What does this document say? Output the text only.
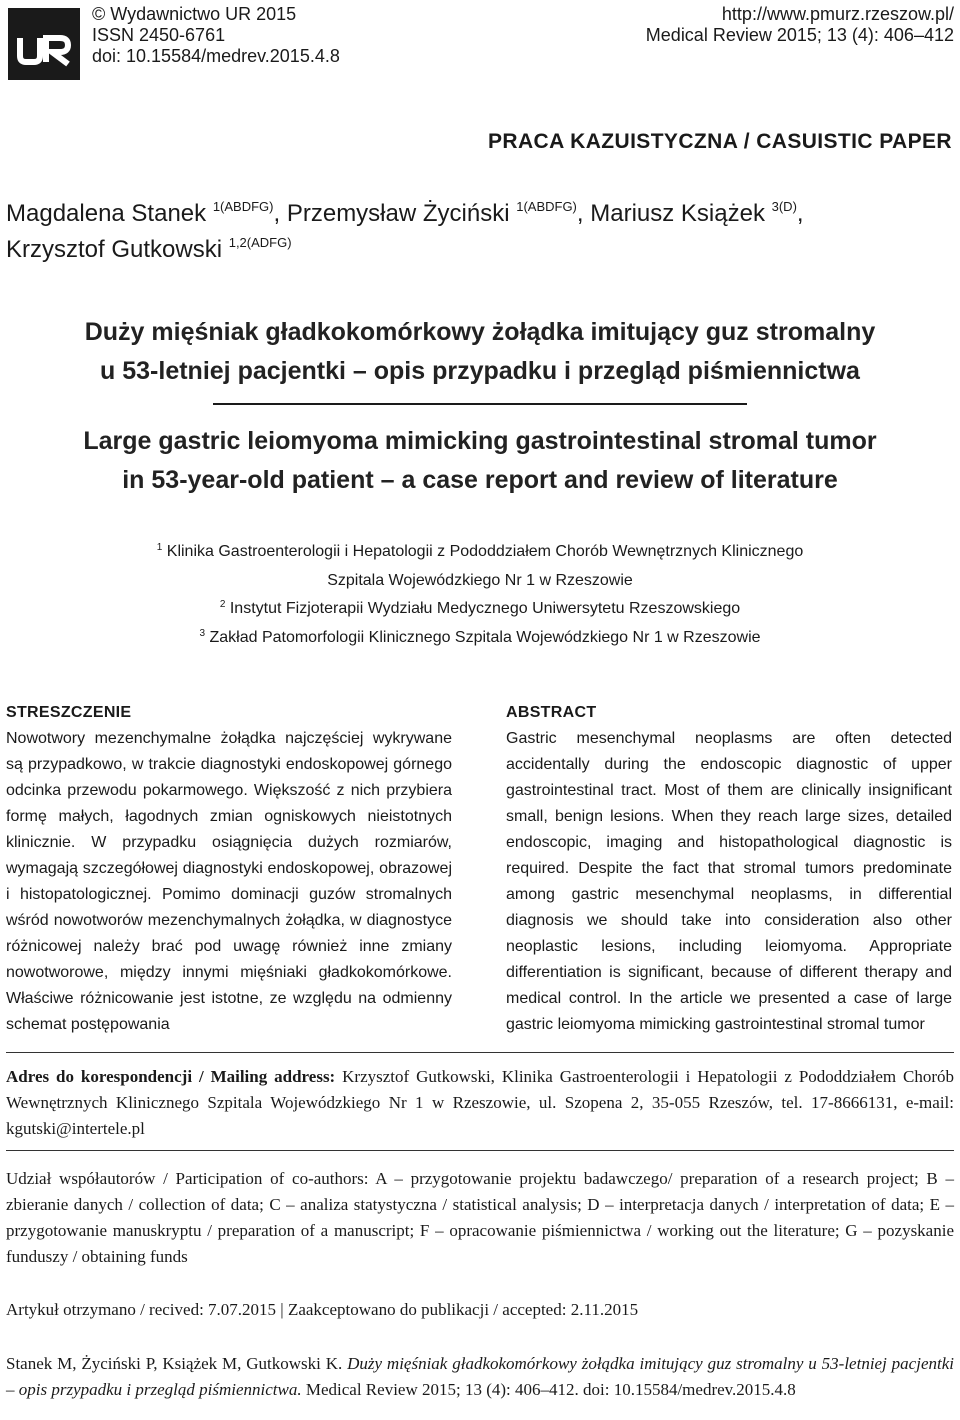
© Wydawnictwo UR 2015
ISSN 2450-6761
doi: 10.15584/medrev.2015.4.8
http://www.pmurz.rzeszow.pl/
Medical Review 2015; 13 (4): 406–412
PRACA KAZUISTYCZNA / CASUISTIC PAPER
Magdalena Stanek $^{1(ABDFG)}$, Przemysław Życiński $^{1(ABDFG)}$, Mariusz Książek $^{3(D)}$,
Krzysztof Gutkowski $^{1,2(ADFG)}$
Duży mięśniak gładkokomórkowy żołądka imitujący guz stromalny
u 53-letniej pacjentki – opis przypadku i przegląd piśmiennictwa
Large gastric leiomyoma mimicking gastrointestinal stromal tumor
in 53-year-old patient – a case report and review of literature
$^1$ Klinika Gastroenterologii i Hepatologii z Pododdziałem Chorób Wewnętrznych Klinicznego
Szpitala Wojewódzkiego Nr 1 w Rzeszowie
$^2$ Instytut Fizjoterapii Wydziału Medycznego Uniwersytetu Rzeszowskiego
$^3$ Zakład Patomorfologii Klinicznego Szpitala Wojewódzkiego Nr 1 w Rzeszowie
STRESZCZENIE
Nowotwory mezenchymalne żołądka najczęściej wykrywane są przypadkowo, w trakcie diagnostyki endoskopowej górnego odcinka przewodu pokarmowego. Większość z nich przybiera formę małych, łagodnych zmian ogniskowych nieistotnych klinicznie. W przypadku osiągnięcia dużych rozmiarów, wymagają szczegółowej diagnostyki endoskopowej, obrazowej i histopatologicznej. Pomimo dominacji guzów stromalnych wśród nowotworów mezenchymalnych żołądka, w diagnostyce różnicowej należy brać pod uwagę również inne zmiany nowotworowe, między innymi mięśniaki gładkokomórkowe. Właściwe różnicowanie jest istotne, ze względu na odmienny schemat postępowania
ABSTRACT
Gastric mesenchymal neoplasms are often detected accidentally during the endoscopic diagnostic of upper gastrointestinal tract. Most of them are clinically insignificant small, benign lesions. When they reach large sizes, detailed endoscopic, imaging and histopathological diagnostic is required. Despite the fact that stromal tumors predominate among gastric mesenchymal neoplasms, in differential diagnosis we should take into consideration also other neoplastic lesions, including leiomyoma. Appropriate differentiation is significant, because of different therapy and medical control. In the article we presented a case of large gastric leiomyoma mimicking gastrointestinal stromal tumor
Adres do korespondencji / Mailing address: Krzysztof Gutkowski, Klinika Gastroenterologii i Hepatologii z Pododdziałem Chorób Wewnętrznych Klinicznego Szpitala Wojewódzkiego Nr 1 w Rzeszowie, ul. Szopena 2, 35-055 Rzeszów, tel. 17-8666131, e-mail: kgutski@intertele.pl
Udział współautorów / Participation of co-authors: A – przygotowanie projektu badawczego/ preparation of a research project; B – zbieranie danych / collection of data; C – analiza statystyczna / statistical analysis; D – interpretacja danych / interpretation of data; E – przygotowanie manuskryptu / preparation of a manuscript; F – opracowanie piśmiennictwa / working out the literature; G – pozyskanie funduszy / obtaining funds
Artykuł otrzymano / recived: 7.07.2015 | Zaakceptowano do publikacji / accepted: 2.11.2015
Stanek M, Życiński P, Książek M, Gutkowski K. Duży mięśniak gładkokomórkowy żołądka imitujący guz stromalny u 53-letniej pacjentki – opis przypadku i przegląd piśmiennictwa. Medical Review 2015; 13 (4): 406–412. doi: 10.15584/medrev.2015.4.8
